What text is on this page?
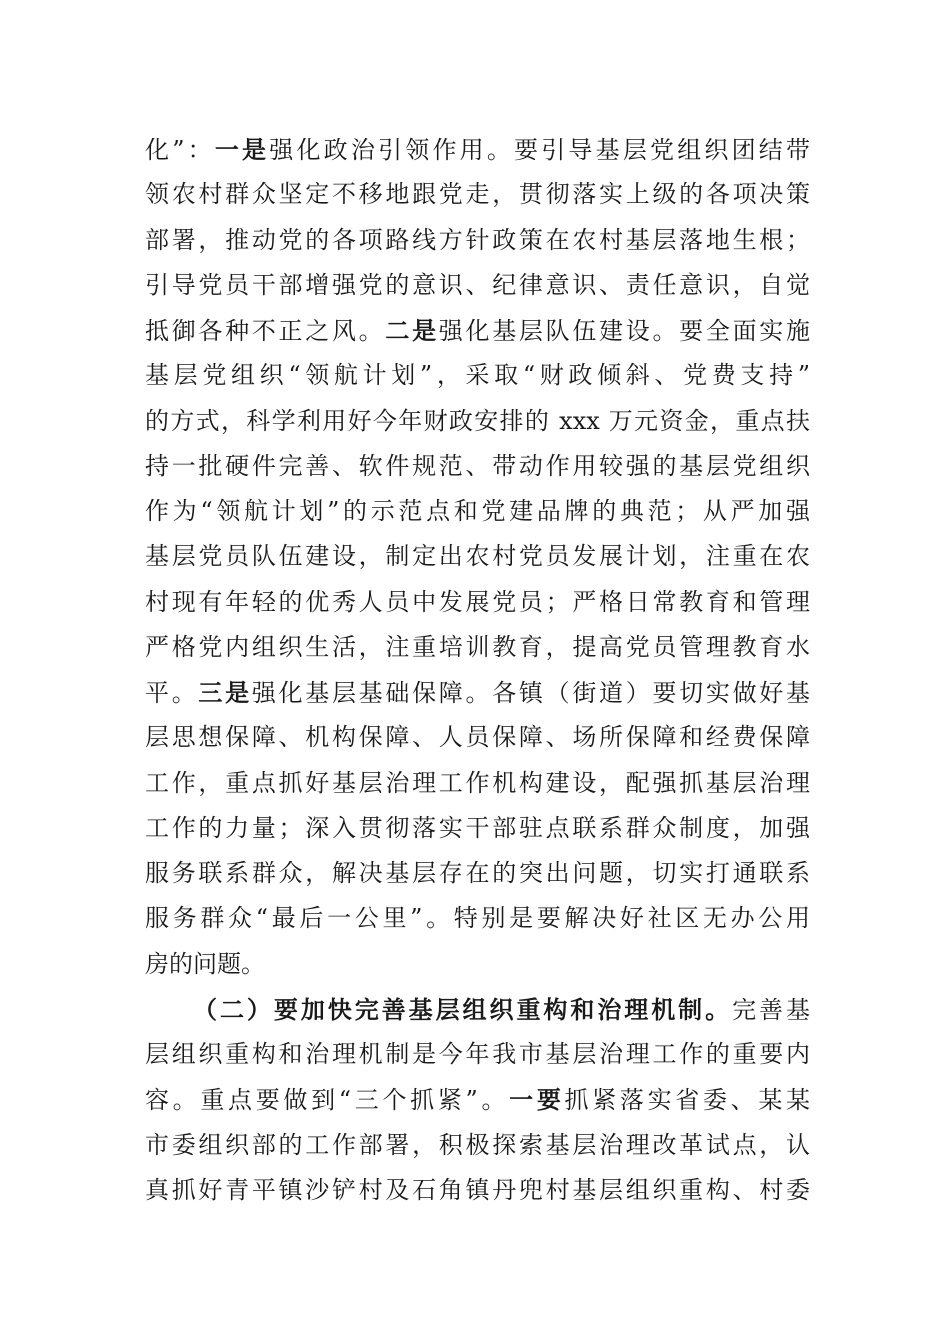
化”：一是强化政治引领作用。要引导基层党组织团结带
领农村群众坚定不移地跟党走，贯彻落实上级的各项决策
部署，推动党的各项路线方针政策在农村基层落地生根；
引导党员干部增强党的意识、纪律意识、责任意识，自觉
抵御各种不正之风。二是强化基层队伍建设。要全面实施
基层党组织“领航计划”，采取“财政倾斜、党费支持”
的方式，科学利用好今年财政安排的 xxx 万元资金，重点扶
持一批硬件完善、软件规范、带动作用较强的基层党组织
作为“领航计划”的示范点和党建品牌的典范；从严加强
基层党员队伍建设，制定出农村党员发展计划，注重在农
村现有年轻的优秀人员中发展党员；严格日常教育和管理
严格党内组织生活，注重培训教育，提高党员管理教育水
平。三是强化基层基础保障。各镇（街道）要切实做好基
层思想保障、机构保障、人员保障、场所保障和经费保障
工作，重点抓好基层治理工作机构建设，配强抓基层治理
工作的力量；深入贯彻落实干部驻点联系群众制度，加强
服务联系群众，解决基层存在的突出问题，切实打通联系
服务群众“最后一公里”。特别是要解决好社区无办公用
房的问题。
（二）要加快完善基层组织重构和治理机制。完善基
层组织重构和治理机制是今年我市基层治理工作的重要内
容。重点要做到“三个抓紧”。一要抓紧落实省委、某某
市委组织部的工作部署，积极探索基层治理改革试点，认
真抓好青平镇沙铲村及石角镇丹兜村基层组织重构、村委
